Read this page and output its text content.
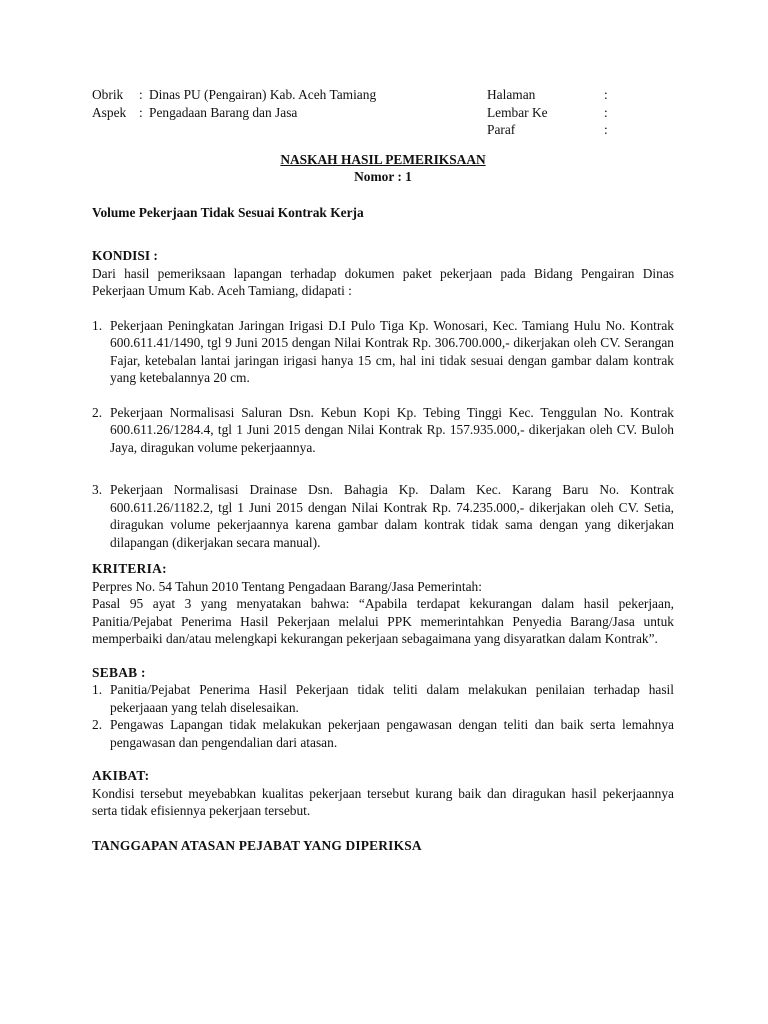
Obrik	: Dinas PU (Pengairan) Kab. Aceh Tamiang
Aspek : Pengadaan Barang dan Jasa
Halaman	:
Lembar Ke	:
Paraf	:
NASKAH HASIL PEMERIKSAAN
Nomor : 1
Volume Pekerjaan Tidak Sesuai Kontrak Kerja
KONDISI :

Dari hasil pemeriksaan lapangan terhadap dokumen paket pekerjaan pada Bidang Pengairan Dinas Pekerjaan Umum Kab. Aceh Tamiang, didapati :

1. Pekerjaan Peningkatan Jaringan Irigasi D.I Pulo Tiga Kp. Wonosari, Kec. Tamiang Hulu No. Kontrak 600.611.41/1490, tgl 9 Juni 2015 dengan Nilai Kontrak Rp. 306.700.000,- dikerjakan oleh CV. Serangan Fajar, ketebalan lantai jaringan irigasi hanya 15 cm, hal ini tidak sesuai dengan gambar dalam kontrak yang ketebalannya 20 cm.
2. Pekerjaan Normalisasi Saluran Dsn. Kebun Kopi Kp. Tebing Tinggi Kec. Tenggulan No. Kontrak 600.611.26/1284.4, tgl 1 Juni 2015 dengan Nilai Kontrak Rp. 157.935.000,- dikerjakan oleh CV. Buloh Jaya, diragukan volume pekerjaannya.
3. Pekerjaan Normalisasi Drainase Dsn. Bahagia Kp. Dalam Kec. Karang Baru No. Kontrak 600.611.26/1182.2, tgl 1 Juni 2015 dengan Nilai Kontrak Rp. 74.235.000,- dikerjakan oleh CV. Setia, diragukan volume pekerjaannya karena gambar dalam kontrak tidak sama dengan yang dikerjakan dilapangan (dikerjakan secara manual).
KRITERIA:

Perpres No. 54 Tahun 2010 Tentang Pengadaan Barang/Jasa Pemerintah:

Pasal 95 ayat 3 yang menyatakan bahwa: “Apabila terdapat kekurangan dalam hasil pekerjaan, Panitia/Pejabat Penerima Hasil Pekerjaan melalui PPK memerintahkan Penyedia Barang/Jasa untuk memperbaiki dan/atau melengkapi kekurangan pekerjaan sebagaimana yang disyaratkan dalam Kontrak”.

SEBAB :
1. Panitia/Pejabat Penerima Hasil Pekerjaan tidak teliti dalam melakukan penilaian terhadap hasil pekerjaaan yang telah diselesaikan.
2. Pengawas Lapangan tidak melakukan pekerjaan pengawasan dengan teliti dan baik serta lemahnya pengawasan dan pengendalian dari atasan.
AKIBAT:

Kondisi tersebut meyebabkan kualitas pekerjaan tersebut kurang baik dan diragukan hasil pekerjaannya serta tidak efisiennya pekerjaan tersebut.

TANGGAPAN ATASAN PEJABAT YANG DIPERIKSA
